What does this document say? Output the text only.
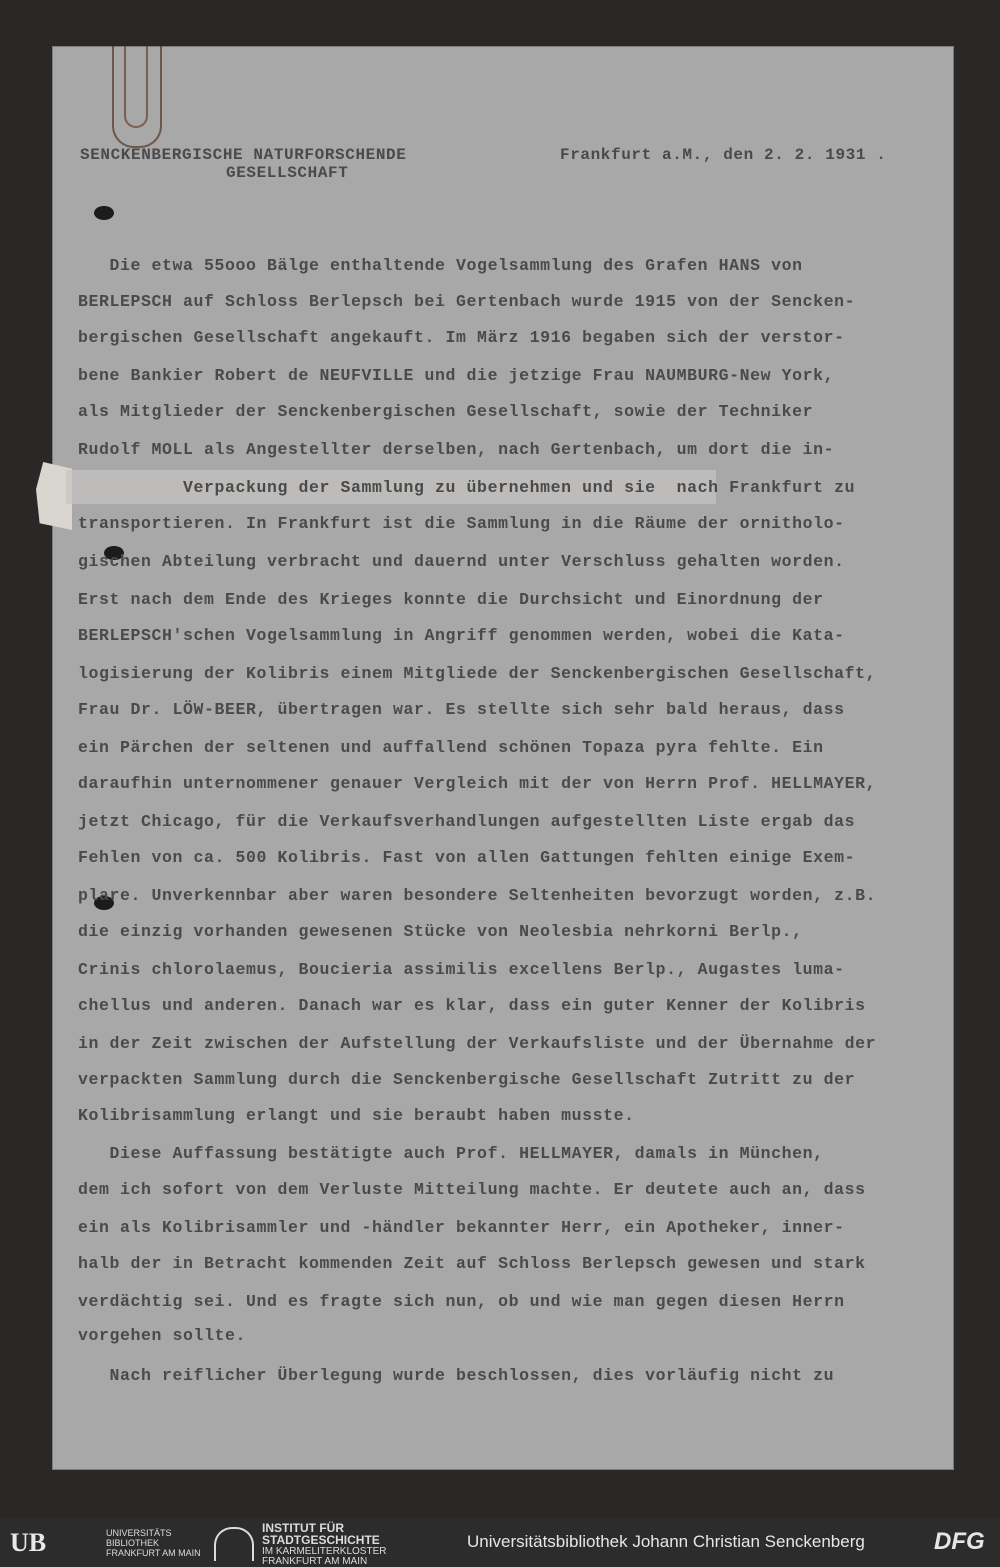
SENCKENBERGISCHE NATURFORSCHENDE
GESELLSCHAFT
Frankfurt a.M., den 2. 2. 1931 .
Die etwa 55ooo Bälge enthaltende Vogelsammlung des Grafen HANS von
BERLEPSCH auf Schloss Berlepsch bei Gertenbach wurde 1915 von der Sencken-
bergischen Gesellschaft angekauft. Im März 1916 begaben sich der verstor-
bene Bankier Robert de NEUFVILLE und die jetzige Frau NAUMBURG-New York,
als Mitglieder der Senckenbergischen Gesellschaft, sowie der Techniker
Rudolf MOLL als Angestellter derselben, nach Gertenbach, um dort die in-
Verpackung der Sammlung zu übernehmen und sie  nach Frankfurt zu
transportieren. In Frankfurt ist die Sammlung in die Räume der ornitholo-
gischen Abteilung verbracht und dauernd unter Verschluss gehalten worden.
Erst nach dem Ende des Krieges konnte die Durchsicht und Einordnung der
BERLEPSCH'schen Vogelsammlung in Angriff genommen werden, wobei die Kata-
logisierung der Kolibris einem Mitgliede der Senckenbergischen Gesellschaft,
Frau Dr. LÖW-BEER, übertragen war. Es stellte sich sehr bald heraus, dass
ein Pärchen der seltenen und auffallend schönen Topaza pyra fehlte. Ein
daraufhin unternommener genauer Vergleich mit der von Herrn Prof. HELLMAYER,
jetzt Chicago, für die Verkaufsverhandlungen aufgestellten Liste ergab das
Fehlen von ca. 500 Kolibris. Fast von allen Gattungen fehlten einige Exem-
plare. Unverkennbar aber waren besondere Seltenheiten bevorzugt worden, z.B.
die einzig vorhanden gewesenen Stücke von Neolesbia nehrkorni Berlp.,
Crinis chlorolaemus, Boucieria assimilis excellens Berlp., Augastes luma-
chellus und anderen. Danach war es klar, dass ein guter Kenner der Kolibris
in der Zeit zwischen der Aufstellung der Verkaufsliste und der Übernahme der
verpackten Sammlung durch die Senckenbergische Gesellschaft Zutritt zu der
Kolibrisammlung erlangt und sie beraubt haben musste.
Diese Auffassung bestätigte auch Prof. HELLMAYER, damals in München,
dem ich sofort von dem Verluste Mitteilung machte. Er deutete auch an, dass
ein als Kolibrisammler und -händler bekannter Herr, ein Apotheker, inner-
halb der in Betracht kommenden Zeit auf Schloss Berlepsch gewesen und stark
verdächtig sei. Und es fragte sich nun, ob und wie man gegen diesen Herrn
vorgehen sollte.
Nach reiflicher Überlegung wurde beschlossen, dies vorläufig nicht zu
UB	UNIVERSITÄTS
BIBLIOTHEK
FRANKFURT AM MAIN
INSTITUT FÜR
STADTGESCHICHTE
IM KARMELITERKLOSTER
FRANKFURT AM MAIN
Universitätsbibliothek Johann Christian Senckenberg	DFG
